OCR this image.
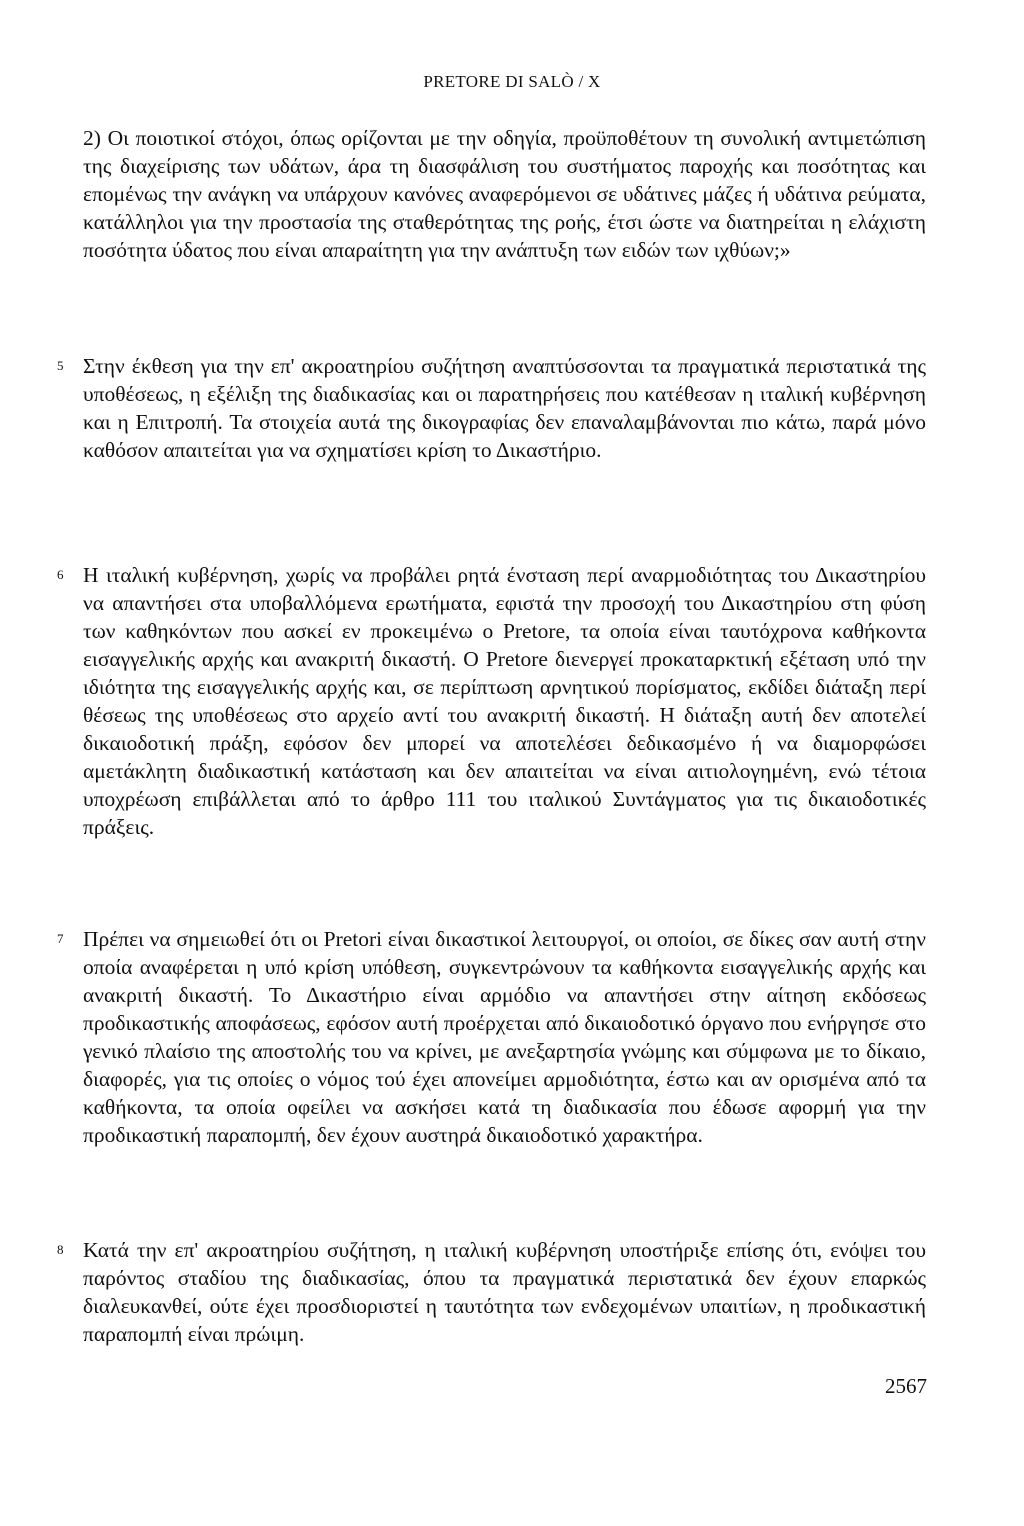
PRETORE DI SALÒ / X
2) Οι ποιοτικοί στόχοι, όπως ορίζονται με την οδηγία, προϋποθέτουν τη συνολική αντιμετώπιση της διαχείρισης των υδάτων, άρα τη διασφάλιση του συστήματος παροχής και ποσότητας και επομένως την ανάγκη να υπάρχουν κανόνες αναφερόμενοι σε υδάτινες μάζες ή υδάτινα ρεύματα, κατάλληλοι για την προστασία της σταθερότητας της ροής, έτσι ώστε να διατηρείται η ελάχιστη ποσότητα ύδατος που είναι απαραίτητη για την ανάπτυξη των ειδών των ιχθύων;»
5 Στην έκθεση για την επ' ακροατηρίου συζήτηση αναπτύσσονται τα πραγματικά περιστατικά της υποθέσεως, η εξέλιξη της διαδικασίας και οι παρατηρήσεις που κατέθεσαν η ιταλική κυβέρνηση και η Επιτροπή. Τα στοιχεία αυτά της δικογραφίας δεν επαναλαμβάνονται πιο κάτω, παρά μόνο καθόσον απαιτείται για να σχηματίσει κρίση το Δικαστήριο.
6 Η ιταλική κυβέρνηση, χωρίς να προβάλει ρητά ένσταση περί αναρμοδιότητας του Δικαστηρίου να απαντήσει στα υποβαλλόμενα ερωτήματα, εφιστά την προσοχή του Δικαστηρίου στη φύση των καθηκόντων που ασκεί εν προκειμένω ο Pretore, τα οποία είναι ταυτόχρονα καθήκοντα εισαγγελικής αρχής και ανακριτή δικαστή. Ο Pretore διενεργεί προκαταρκτική εξέταση υπό την ιδιότητα της εισαγγελικής αρχής και, σε περίπτωση αρνητικού πορίσματος, εκδίδει διάταξη περί θέσεως της υποθέσεως στο αρχείο αντί του ανακριτή δικαστή. Η διάταξη αυτή δεν αποτελεί δικαιοδοτική πράξη, εφόσον δεν μπορεί να αποτελέσει δεδικασμένο ή να διαμορφώσει αμετάκλητη διαδικαστική κατάσταση και δεν απαιτείται να είναι αιτιολογημένη, ενώ τέτοια υποχρέωση επιβάλλεται από το άρθρο 111 του ιταλικού Συντάγματος για τις δικαιοδοτικές πράξεις.
7 Πρέπει να σημειωθεί ότι οι Pretori είναι δικαστικοί λειτουργοί, οι οποίοι, σε δίκες σαν αυτή στην οποία αναφέρεται η υπό κρίση υπόθεση, συγκεντρώνουν τα καθήκοντα εισαγγελικής αρχής και ανακριτή δικαστή. Το Δικαστήριο είναι αρμόδιο να απαντήσει στην αίτηση εκδόσεως προδικαστικής αποφάσεως, εφόσον αυτή προέρχεται από δικαιοδοτικό όργανο που ενήργησε στο γενικό πλαίσιο της αποστολής του να κρίνει, με ανεξαρτησία γνώμης και σύμφωνα με το δίκαιο, διαφορές, για τις οποίες ο νόμος τού έχει απονείμει αρμοδιότητα, έστω και αν ορισμένα από τα καθήκοντα, τα οποία οφείλει να ασκήσει κατά τη διαδικασία που έδωσε αφορμή για την προδικαστική παραπομπή, δεν έχουν αυστηρά δικαιοδοτικό χαρακτήρα.
8 Κατά την επ' ακροατηρίου συζήτηση, η ιταλική κυβέρνηση υποστήριξε επίσης ότι, ενόψει του παρόντος σταδίου της διαδικασίας, όπου τα πραγματικά περιστατικά δεν έχουν επαρκώς διαλευκανθεί, ούτε έχει προσδιοριστεί η ταυτότητα των ενδεχομένων υπαιτίων, η προδικαστική παραπομπή είναι πρώιμη.
2567
